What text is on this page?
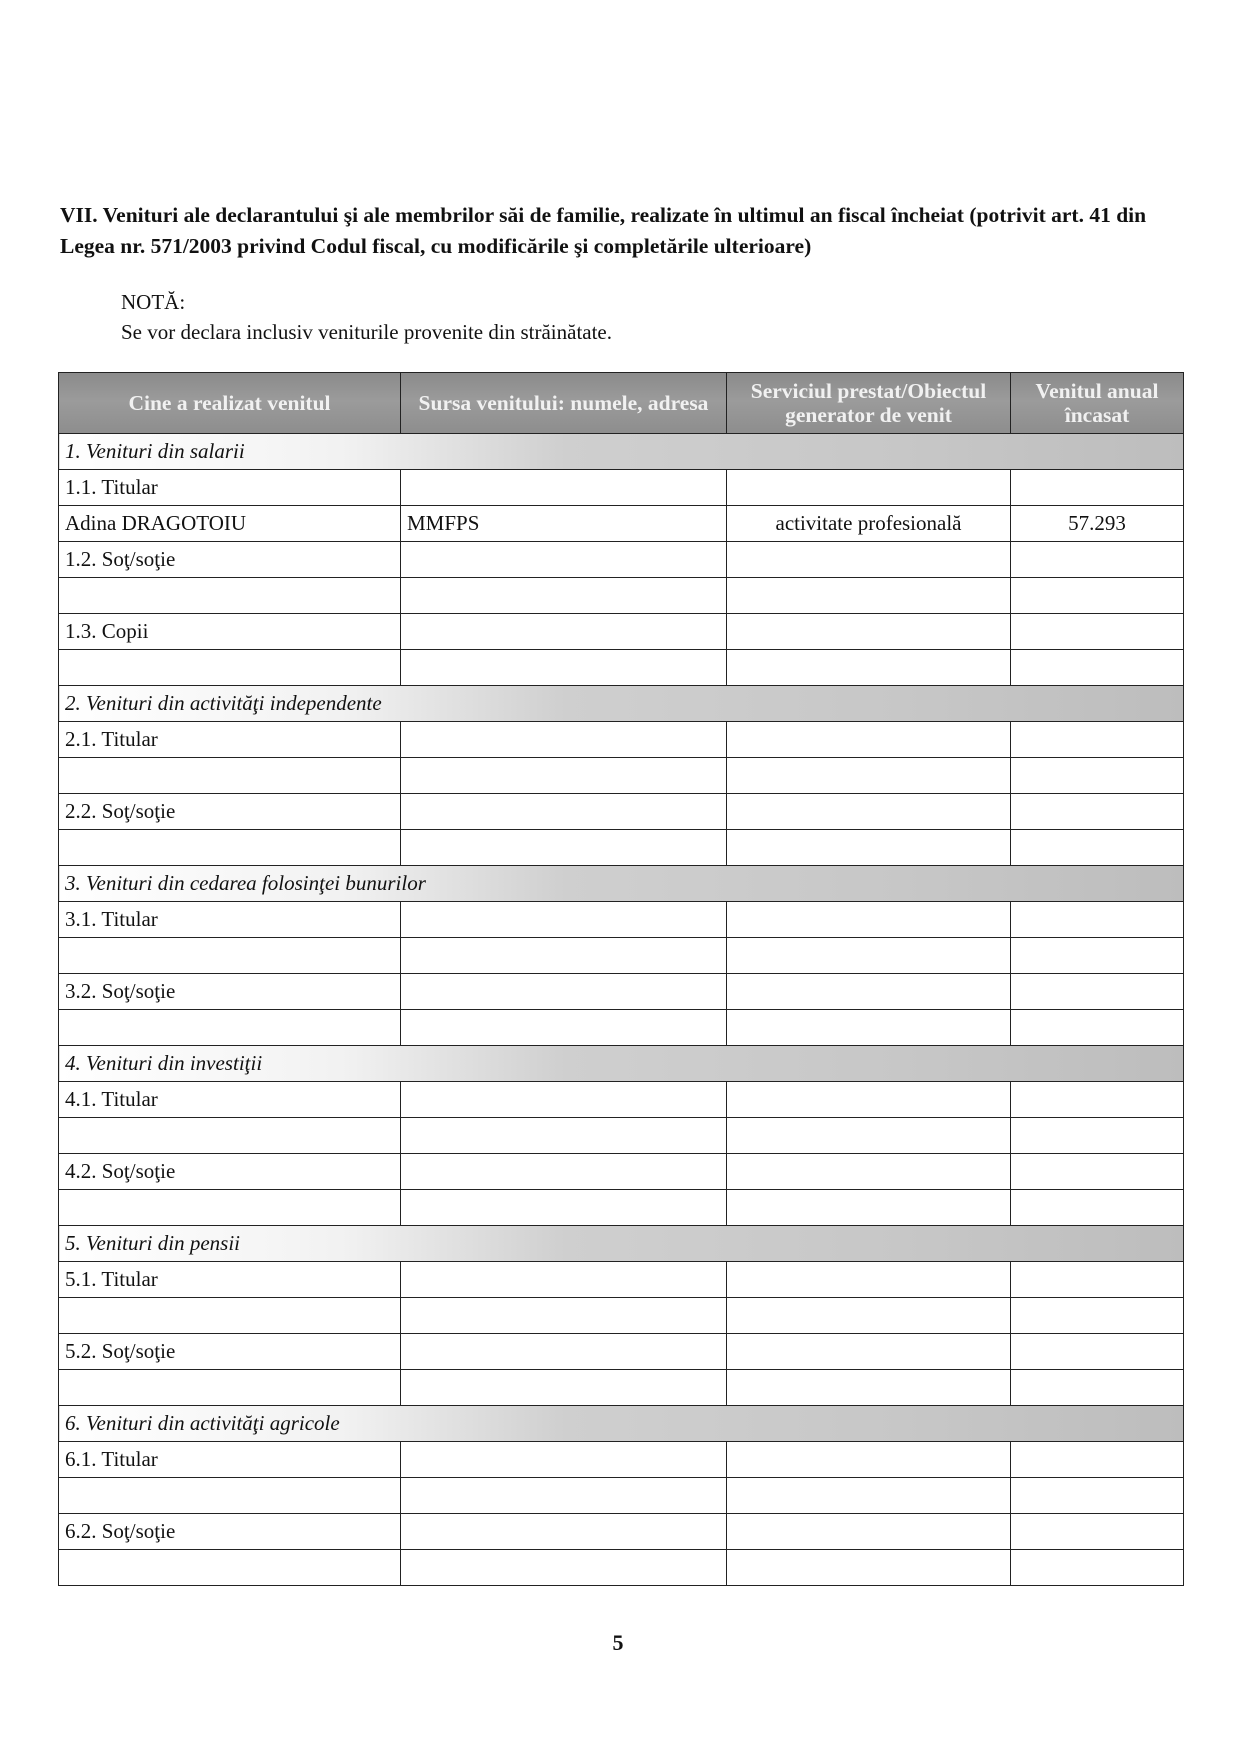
VII. Venituri ale declarantului şi ale membrilor săi de familie, realizate în ultimul an fiscal încheiat (potrivit art. 41 din Legea nr. 571/2003 privind Codul fiscal, cu modificările şi completările ulterioare)

NOTĂ:

Se vor declara inclusiv veniturile provenite din străinătate.

Cine a realizat venitul	Sursa venitului: numele, adresa	Serviciul prestat/Obiectul generator de venit	Venitul anual încasat
1. Venituri din salarii			
1.1. Titular			
Adina DRAGOTOIU	MMFPS	activitate profesională	57.293
1.2. Soţ/soţie			

1.3. Copii			

2. Venituri din activităţi independente			
2.1. Titular			

2.2. Soţ/soţie			

3. Venituri din cedarea folosinţei bunurilor			
3.1. Titular			

3.2. Soţ/soţie			

4. Venituri din investiţii			
4.1. Titular			

4.2. Soţ/soţie			

5. Venituri din pensii			
5.1. Titular			

5.2. Soţ/soţie			

6. Venituri din activităţi agricole			
6.1. Titular			

6.2. Soţ/soţie			

5
